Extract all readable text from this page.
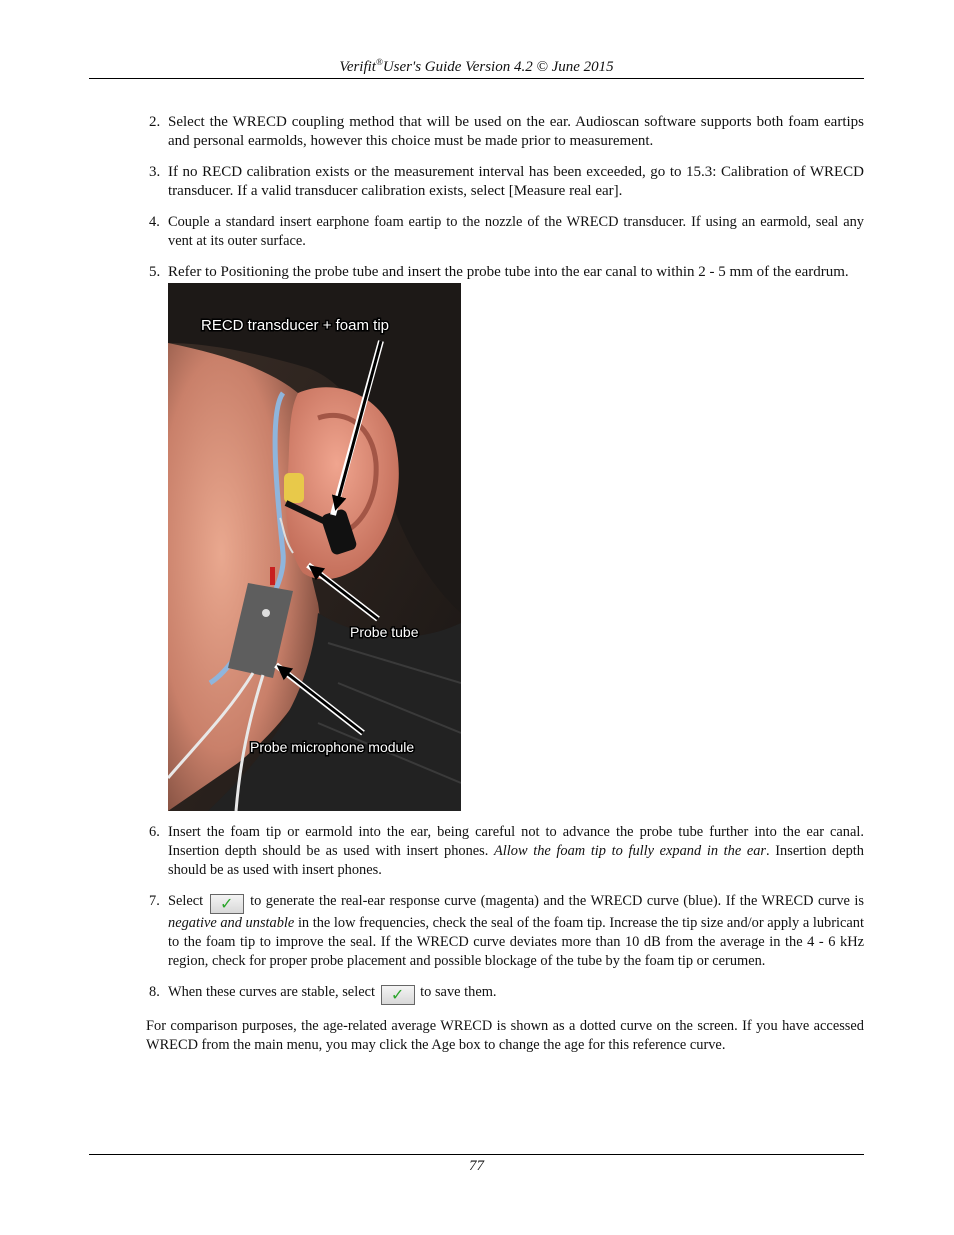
Verifit®User's Guide Version 4.2 © June 2015
2. Select the WRECD coupling method that will be used on the ear. Audioscan software supports both foam eartips and personal earmolds, however this choice must be made prior to measurement.
3. If no RECD calibration exists or the measurement interval has been exceeded, go to 15.3: Calibration of WRECD transducer. If a valid transducer calibration exists, select [Measure real ear].
4. Couple a standard insert earphone foam eartip to the nozzle of the WRECD transducer. If using an earmold, seal any vent at its outer surface.
5. Refer to Positioning the probe tube and insert the probe tube into the ear canal to within 2 - 5 mm of the eardrum.
RECD transducer + foam tip
Probe tube
Probe microphone module
6. Insert the foam tip or earmold into the ear, being careful not to advance the probe tube further into the ear canal. Insertion depth should be as used with insert phones. Allow the foam tip to fully expand in the ear. Insertion depth should be as used with insert phones.
7. Select ✓ to generate the real-ear response curve (magenta) and the WRECD curve (blue). If the WRECD curve is negative and unstable in the low frequencies, check the seal of the foam tip. Increase the tip size and/or apply a lubricant to the foam tip to improve the seal. If the WRECD curve deviates more than 10 dB from the average in the 4 - 6 kHz region, check for proper probe placement and possible blockage of the tube by the foam tip or cerumen.
8. When these curves are stable, select ✓ to save them.
For comparison purposes, the age-related average WRECD is shown as a dotted curve on the screen. If you have accessed WRECD from the main menu, you may click the Age box to change the age for this reference curve.
77
